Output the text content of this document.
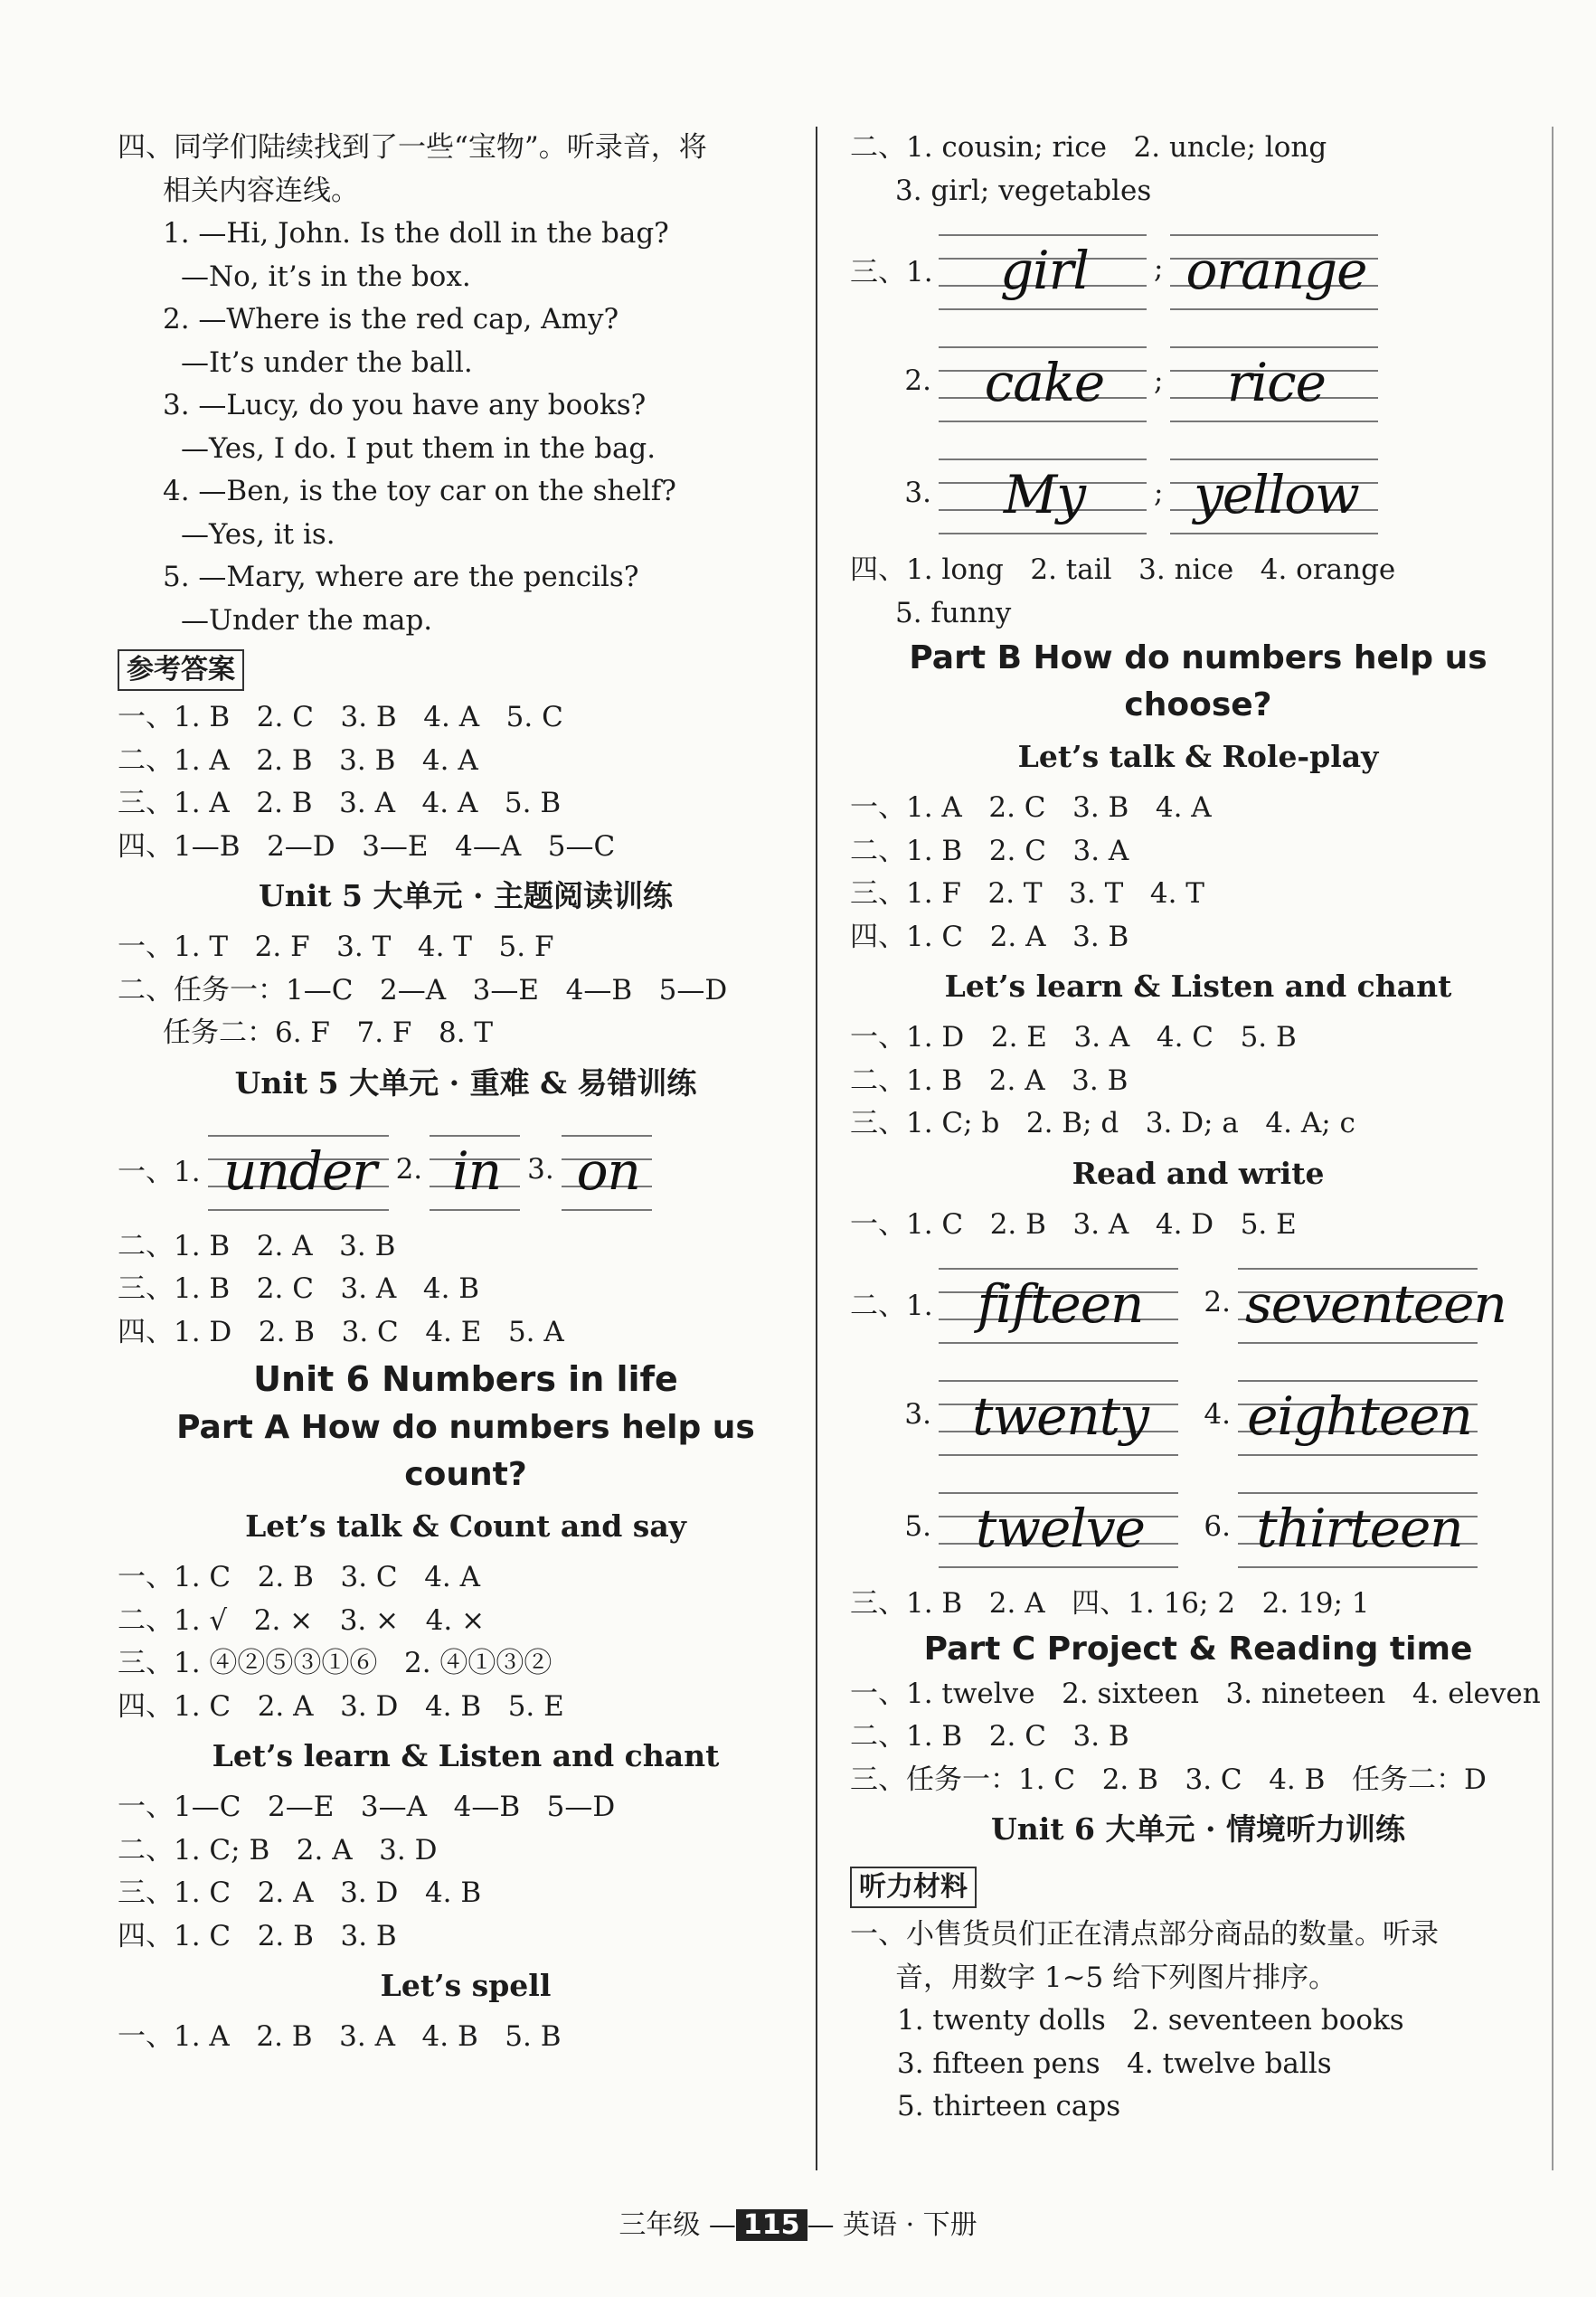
四、同学们陆续找到了一些“宝物”。听录音，将
相关内容连线。
1. —Hi, John. Is the doll in the bag?
—No, it’s in the box.
2. —Where is the red cap, Amy?
—It’s under the ball.
3. —Lucy, do you have any books?
—Yes, I do. I put them in the bag.
4. —Ben, is the toy car on the shelf?
—Yes, it is.
5. —Mary, where are the pencils?
—Under the map.
参考答案
一、1. B   2. C   3. B   4. A   5. C
二、1. A   2. B   3. B   4. A
三、1. A   2. B   3. A   4. A   5. B
四、1—B   2—D   3—E   4—A   5—C
Unit 5 大单元 · 主题阅读训练
一、1. T   2. F   3. T   4. T   5. F
二、任务一：1—C   2—A   3—E   4—B   5—D
任务二：6. F   7. F   8. T
Unit 5 大单元 · 重难 & 易错训练
一、1. under 2. in 3. on
二、1. B   2. A   3. B
三、1. B   2. C   3. A   4. B
四、1. D   2. B   3. C   4. E   5. A
Unit 6 Numbers in life
Part A How do numbers help us
count?
Let’s talk & Count and say
一、1. C   2. B   3. C   4. A
二、1. √   2. ×   3. ×   4. ×
三、1. ④②⑤③①⑥   2. ④①③②
四、1. C   2. A   3. D   4. B   5. E
Let’s learn & Listen and chant
一、1—C   2—E   3—A   4—B   5—D
二、1. C; B   2. A   3. D
三、1. C   2. A   3. D   4. B
四、1. C   2. B   3. B
Let’s spell
一、1. A   2. B   3. A   4. B   5. B
二、1. cousin; rice   2. uncle; long
3. girl; vegetables
三、1.	girl	; orange
2.	cake	;	rice
3.	My	; yellow
四、1. long   2. tail   3. nice   4. orange
5. funny
Part B How do numbers help us
choose?
Let’s talk & Role-play
一、1. A   2. C   3. B   4. A
二、1. B   2. C   3. A
三、1. F   2. T   3. T   4. T
四、1. C   2. A   3. B
Let’s learn & Listen and chant
一、1. D   2. E   3. A   4. C   5. B
二、1. B   2. A   3. B
三、1. C; b   2. B; d   3. D; a   4. A; c
Read and write
一、1. C   2. B   3. A   4. D   5. E
二、1. fifteen	2. seventeen
3. twenty	4. eighteen
5. twelve	6. thirteen
三、1. B   2. A   四、1. 16; 2   2. 19; 1
Part C Project & Reading time
一、1. twelve   2. sixteen   3. nineteen   4. eleven
二、1. B   2. C   3. B
三、任务一：1. C   2. B   3. C   4. B   任务二：D
Unit 6 大单元 · 情境听力训练
听力材料
一、小售货员们正在清点部分商品的数量。听录
音，用数字 1~5 给下列图片排序。
1. twenty dolls   2. seventeen books
3. fifteen pens   4. twelve balls
5. thirteen caps
三年级 — 115 — 英语 · 下册
